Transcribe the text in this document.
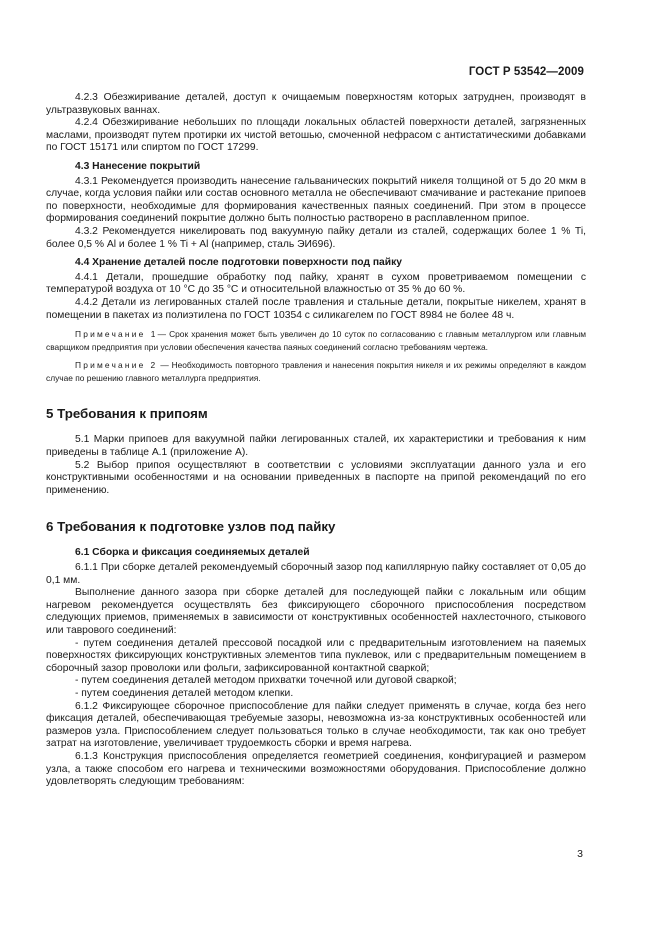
ГОСТ Р 53542—2009

4.2.3 Обезжиривание деталей, доступ к очищаемым поверхностям которых затруднен, производят в ультразвуковых ваннах.

4.2.4 Обезжиривание небольших по площади локальных областей поверхности деталей, загрязненных маслами, производят путем протирки их чистой ветошью, смоченной нефрасом с антистатическими добавками по ГОСТ 15171 или спиртом по ГОСТ 17299.

4.3 Нанесение покрытий

4.3.1 Рекомендуется производить нанесение гальванических покрытий никеля толщиной от 5 до 20 мкм в случае, когда условия пайки или состав основного металла не обеспечивают смачивание и растекание припоев по поверхности, необходимые для формирования качественных паяных соединений. При этом в процессе формирования соединений покрытие должно быть полностью растворено в расплавленном припое.

4.3.2 Рекомендуется никелировать под вакуумную пайку детали из сталей, содержащих более 1 % Ti, более 0,5 % Al и более 1 % Ti + Al (например, сталь ЭИ696).

4.4 Хранение деталей после подготовки поверхности под пайку

4.4.1 Детали, прошедшие обработку под пайку, хранят в сухом проветриваемом помещении с температурой воздуха от 10 °С до 35 °С и относительной влажностью от 35 % до 60 %.

4.4.2 Детали из легированных сталей после травления и стальные детали, покрытые никелем, хранят в помещении в пакетах из полиэтилена по ГОСТ 10354 с силикагелем по ГОСТ 8984 не более 48 ч.

Примечание 1— Срок хранения может быть увеличен до 10 суток по согласованию с главным металлургом или главным сварщиком предприятия при условии обеспечения качества паяных соединений согласно требованиям чертежа.

Примечание 2 — Необходимость повторного травления и нанесения покрытия никеля и их режимы определяют в каждом случае по решению главного металлурга предприятия.

5 Требования к припоям

5.1 Марки припоев для вакуумной пайки легированных сталей, их характеристики и требования к ним приведены в таблице А.1 (приложение А).

5.2 Выбор припоя осуществляют в соответствии с условиями эксплуатации данного узла и его конструктивными особенностями и на основании приведенных в паспорте на припой рекомендаций по его применению.

6 Требования к подготовке узлов под пайку
6.1 Сборка и фиксация соединяемых деталей

6.1.1 При сборке деталей рекомендуемый сборочный зазор под капиллярную пайку составляет от 0,05 до 0,1 мм.

Выполнение данного зазора при сборке деталей для последующей пайки с локальным или общим нагревом рекомендуется осуществлять без фиксирующего сборочного приспособления посредством следующих приемов, применяемых в зависимости от конструктивных особенностей нахлесточного, стыкового или таврового соединений:

- путем соединения деталей прессовой посадкой или с предварительным изготовлением на паяемых поверхностях фиксирующих конструктивных элементов типа пуклевок, или с предварительным помещением в сборочный зазор проволоки или фольги, зафиксированной контактной сваркой;

- путем соединения деталей методом прихватки точечной или дуговой сваркой;

- путем соединения деталей методом клепки.

6.1.2 Фиксирующее сборочное приспособление для пайки следует применять в случае, когда без него фиксация деталей, обеспечивающая требуемые зазоры, невозможна из-за конструктивных особенностей или размеров узла. Приспособлением следует пользоваться только в случае необходимости, так как оно требует затрат на изготовление, увеличивает трудоемкость сборки и время нагрева.

6.1.3 Конструкция приспособления определяется геометрией соединения, конфигурацией и размером узла, а также способом его нагрева и техническими возможностями оборудования. Приспособление должно удовлетворять следующим требованиям:

3
